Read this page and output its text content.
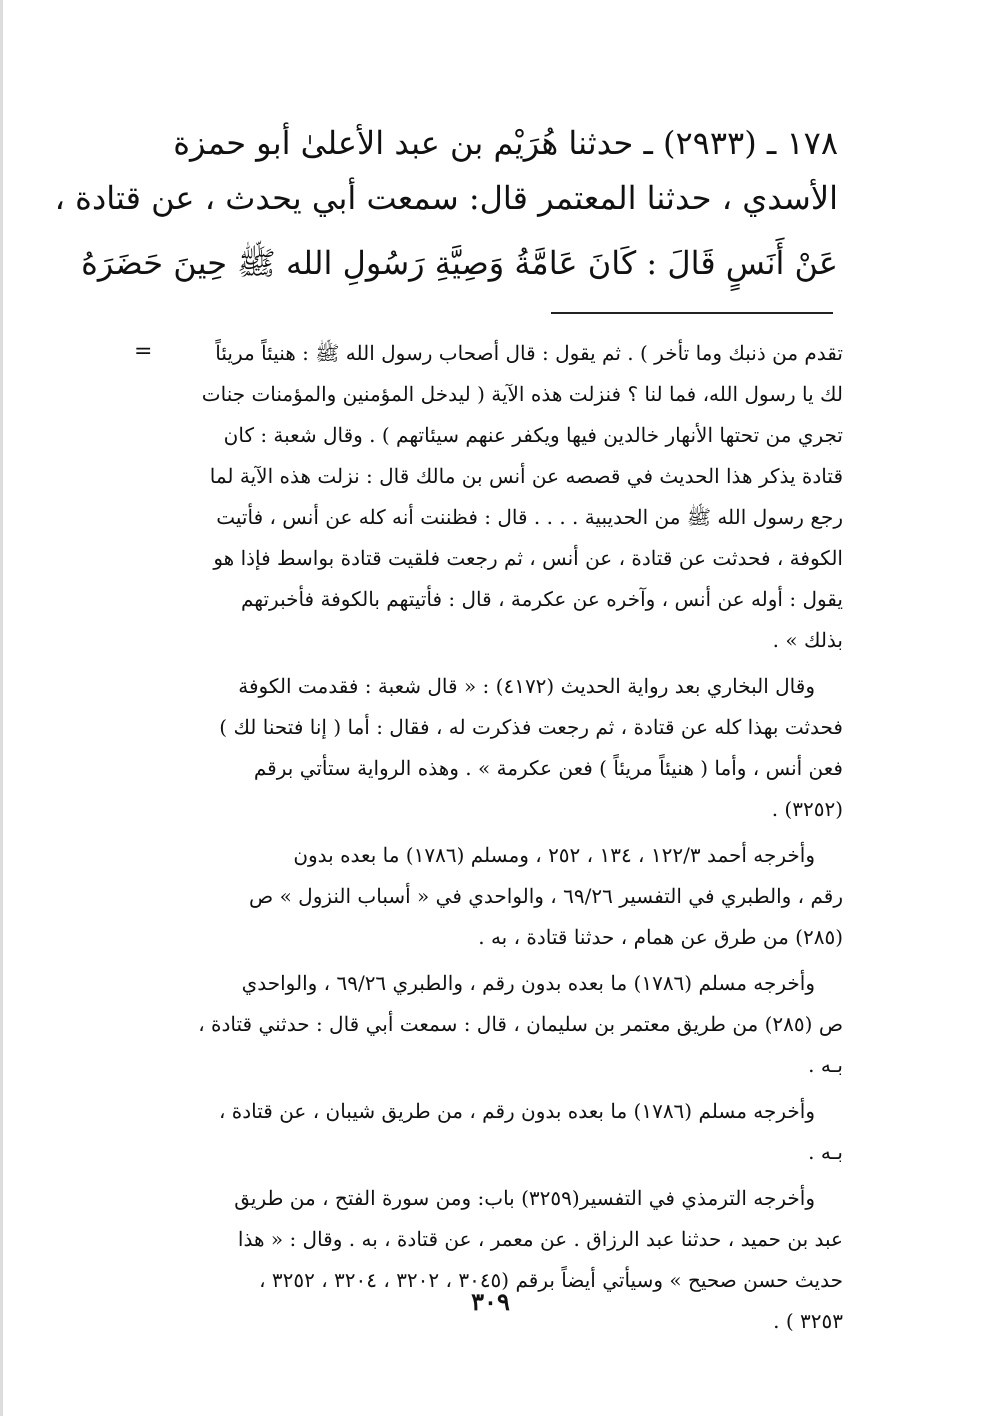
١٧٨ ـ (٢٩٣٣) ـ حدثنا هُرَيْم بن عبد الأعلىٰ أبو حمزة
الأسدي ، حدثنا المعتمر قال: سمعت أبي يحدث ، عن قتادة ،
عَنْ أَنَسٍ قَالَ : كَانَ عَامَّةُ وَصِيَّةِ رَسُولِ الله ﷺ حِينَ حَضَرَهُ
=	تقدم من ذنبك وما تأخر ) . ثم يقول : قال أصحاب رسول الله ﷺ : هنيئاً مريئاً
لك يا رسول الله، فما لنا ؟ فنزلت هذه الآية ( ليدخل المؤمنين والمؤمنات جنات
تجري من تحتها الأنهار خالدين فيها ويكفر عنهم سيئاتهم ) . وقال شعبة : كان
قتادة يذكر هذا الحديث في قصصه عن أنس بن مالك قال : نزلت هذه الآية لما
رجع رسول الله ﷺ من الحديبية . . . . قال : فظننت أنه كله عن أنس ، فأتيت
الكوفة ، فحدثت عن قتادة ، عن أنس ، ثم رجعت فلقيت قتادة بواسط فإذا هو
يقول : أوله عن أنس ، وآخره عن عكرمة ، قال : فأتيتهم بالكوفة فأخبرتهم
بذلك » .
وقال البخاري بعد رواية الحديث (٤١٧٢) : « قال شعبة : فقدمت الكوفة
فحدثت بهذا كله عن قتادة ، ثم رجعت فذكرت له ، فقال : أما ( إنا فتحنا لك )
فعن أنس ، وأما ( هنيئاً مريئاً ) فعن عكرمة » . وهذه الرواية ستأتي برقم
(٣٢٥٢) .
وأخرجه أحمد ١٢٢/٣ ، ١٣٤ ، ٢٥٢ ، ومسلم (١٧٨٦) ما بعده بدون
رقم ، والطبري في التفسير ٦٩/٢٦ ، والواحدي في « أسباب النزول » ص
(٢٨٥) من طرق عن همام ، حدثنا قتادة ، به .
وأخرجه مسلم (١٧٨٦) ما بعده بدون رقم ، والطبري ٦٩/٢٦ ، والواحدي
ص (٢٨٥) من طريق معتمر بن سليمان ، قال : سمعت أبي قال : حدثني قتادة ،
بـه .
وأخرجه مسلم (١٧٨٦) ما بعده بدون رقم ، من طريق شيبان ، عن قتادة ،
بـه .
وأخرجه الترمذي في التفسير(٣٢٥٩) باب: ومن سورة الفتح ، من طريق
عبد بن حميد ، حدثنا عبد الرزاق . عن معمر ، عن قتادة ، به . وقال : « هذا
حديث حسن صحيح » وسيأتي أيضاً برقم (٣٠٤٥ ، ٣٢٠٢ ، ٣٢٠٤ ، ٣٢٥٢ ،
٣٢٥٣ ) .
٣٠٩
